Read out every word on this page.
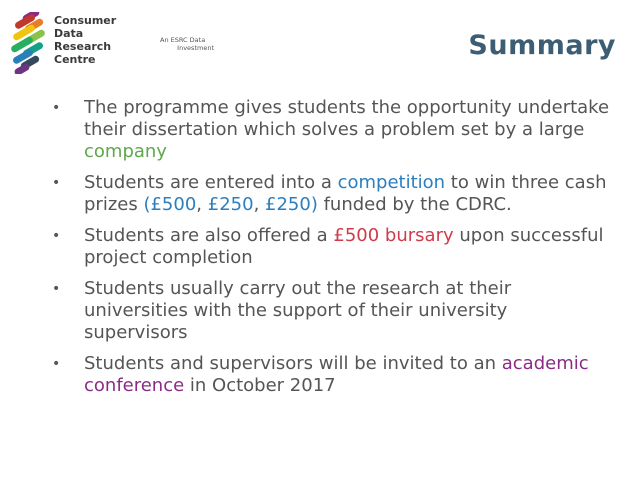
Consumer
Data
Research
Centre
An ESRC Data
Investment	Summary
• The programme gives students the opportunity undertake their dissertation which solves a problem set by a large company
• Students are entered into a competition to win three cash prizes (£500, £250, £250) funded by the CDRC.
• Students are also offered a £500 bursary upon successful project completion
• Students usually carry out the research at their universities with the support of their university supervisors
• Students and supervisors will be invited to an academic conference in October 2017
